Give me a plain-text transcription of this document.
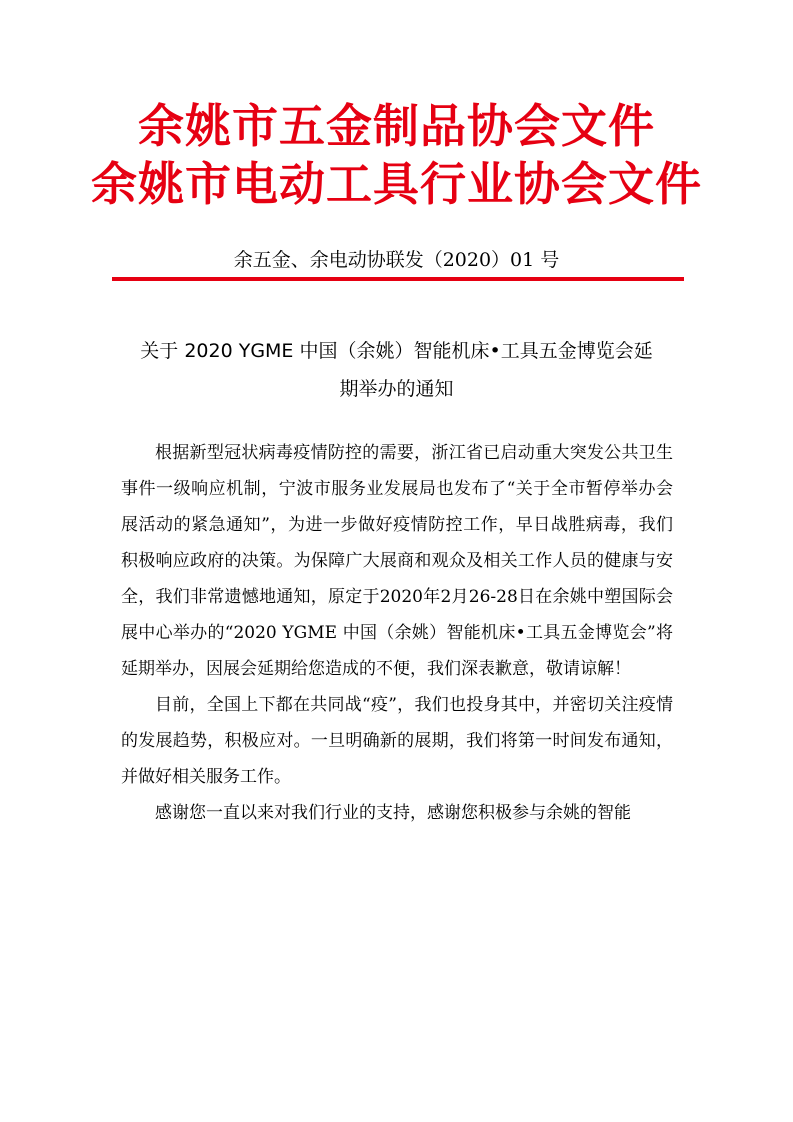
余姚市五金制品协会文件
余姚市电动工具行业协会文件
余五金、余电动协联发（2020）01 号
关于 2020 YGME 中国（余姚）智能机床•工具五金博览会延
期举办的通知

根据新型冠状病毒疫情防控的需要，浙江省已启动重大突发公共卫生事件一级响应机制，宁波市服务业发展局也发布了“关于全市暂停举办会展活动的紧急通知”，为进一步做好疫情防控工作，早日战胜病毒，我们积极响应政府的决策。为保障广大展商和观众及相关工作人员的健康与安全，我们非常遗憾地通知，原定于2020年2月26-28日在余姚中塑国际会展中心举办的“2020 YGME 中国（余姚）智能机床•工具五金博览会”将延期举办，因展会延期给您造成的不便，我们深表歉意，敬请谅解！

目前，全国上下都在共同战“疫”，我们也投身其中，并密切关注疫情的发展趋势，积极应对。一旦明确新的展期，我们将第一时间发布通知，并做好相关服务工作。

感谢您一直以来对我们行业的支持，感谢您积极参与余姚的智能
